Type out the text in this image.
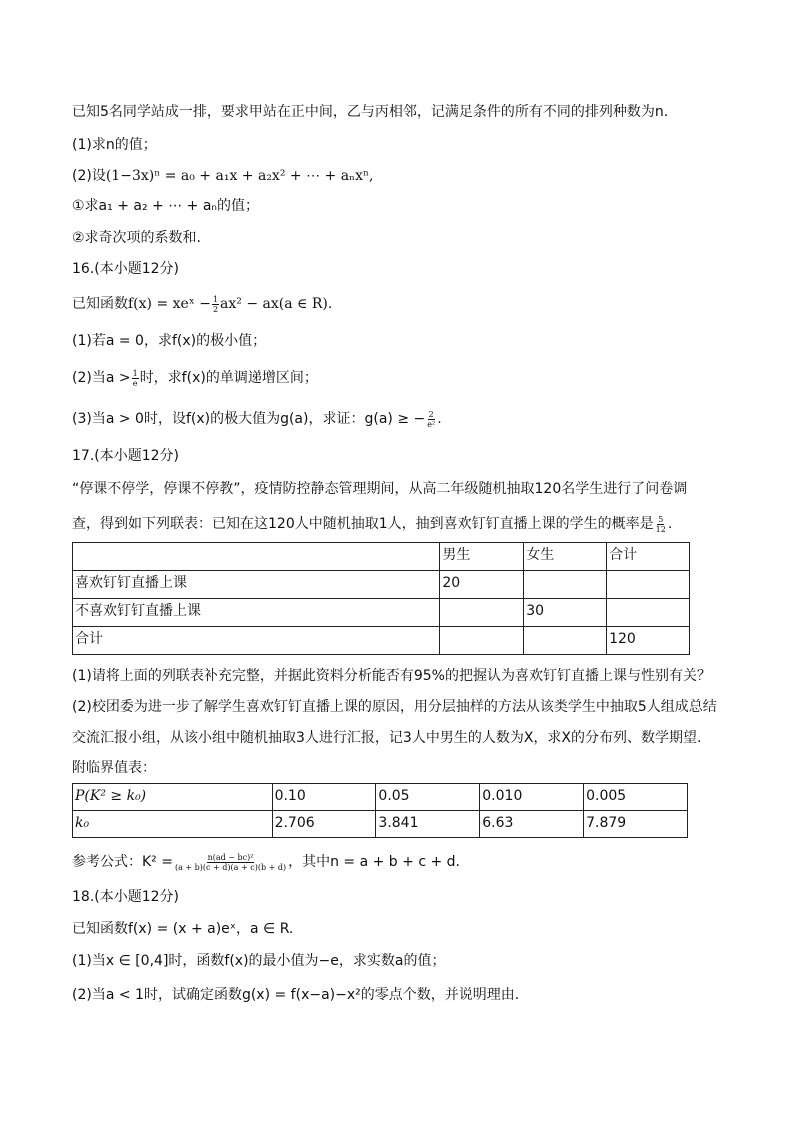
已知5名同学站成一排，要求甲站在正中间，乙与丙相邻，记满足条件的所有不同的排列种数为n.
(1)求n的值；
(2)设(1−3x)ⁿ = a₀ + a₁x + a₂x² + ⋯ + aₙxⁿ,
①求a₁ + a₂ + ⋯ + aₙ的值；
②求奇次项的系数和.
16.(本小题12分)
已知函数f(x) = xeˣ − $\frac{1}{2} ax^2 - ax(a$ ∈ R).
(1)若a = 0，求f(x)的极小值；
(2)当$a > \frac{1}{e}$ 时，求f(x)的单调递增区间；
(3)当a > 0时，设f(x)的极大值为g(a)，求证：g(a) ≥ − $\frac{2}{\text{e²}}$ .
17.(本小题12分)
“停课不停学，停课不停教”，疫情防控静态管理期间，从高二年级随机抽取120名学生进行了问卷调
查，得到如下列联表：已知在这120人中随机抽取1人，抽到喜欢钉钉直播上课的学生的概率是 $\frac{5}{12}$ .
	男生	女生	合计
喜欢钉钉直播上课	20		
不喜欢钉钉直播上课		30	
合计			120
(1)请将上面的列联表补充完整，并据此资料分析能否有95%的把握认为喜欢钉钉直播上课与性别有关？
(2)校团委为进一步了解学生喜欢钉钉直播上课的原因，用分层抽样的方法从该类学生中抽取5人组成总结
交流汇报小组，从该小组中随机抽取3人进行汇报，记3人中男生的人数为X，求X的分布列、数学期望.
附临界值表：
P(K² ≥ k₀)	0.10	0.05	0.010	0.005
k₀	2.706	3.841	6.63	7.879
参考公式：$K^2 = \frac{\text{n(ad − bc)²}}{(a + b)(c + d)(a + c)(b + d)}$ ，其中n = a + b + c + d.
18.(本小题12分)
已知函数f(x) = (x + a)eˣ，a ∈ R.
(1)当x ∈ [0,4]时，函数f(x)的最小值为−e，求实数a的值；
(2)当a < 1时，试确定函数g(x) = f(x−a)−x²的零点个数，并说明理由.
